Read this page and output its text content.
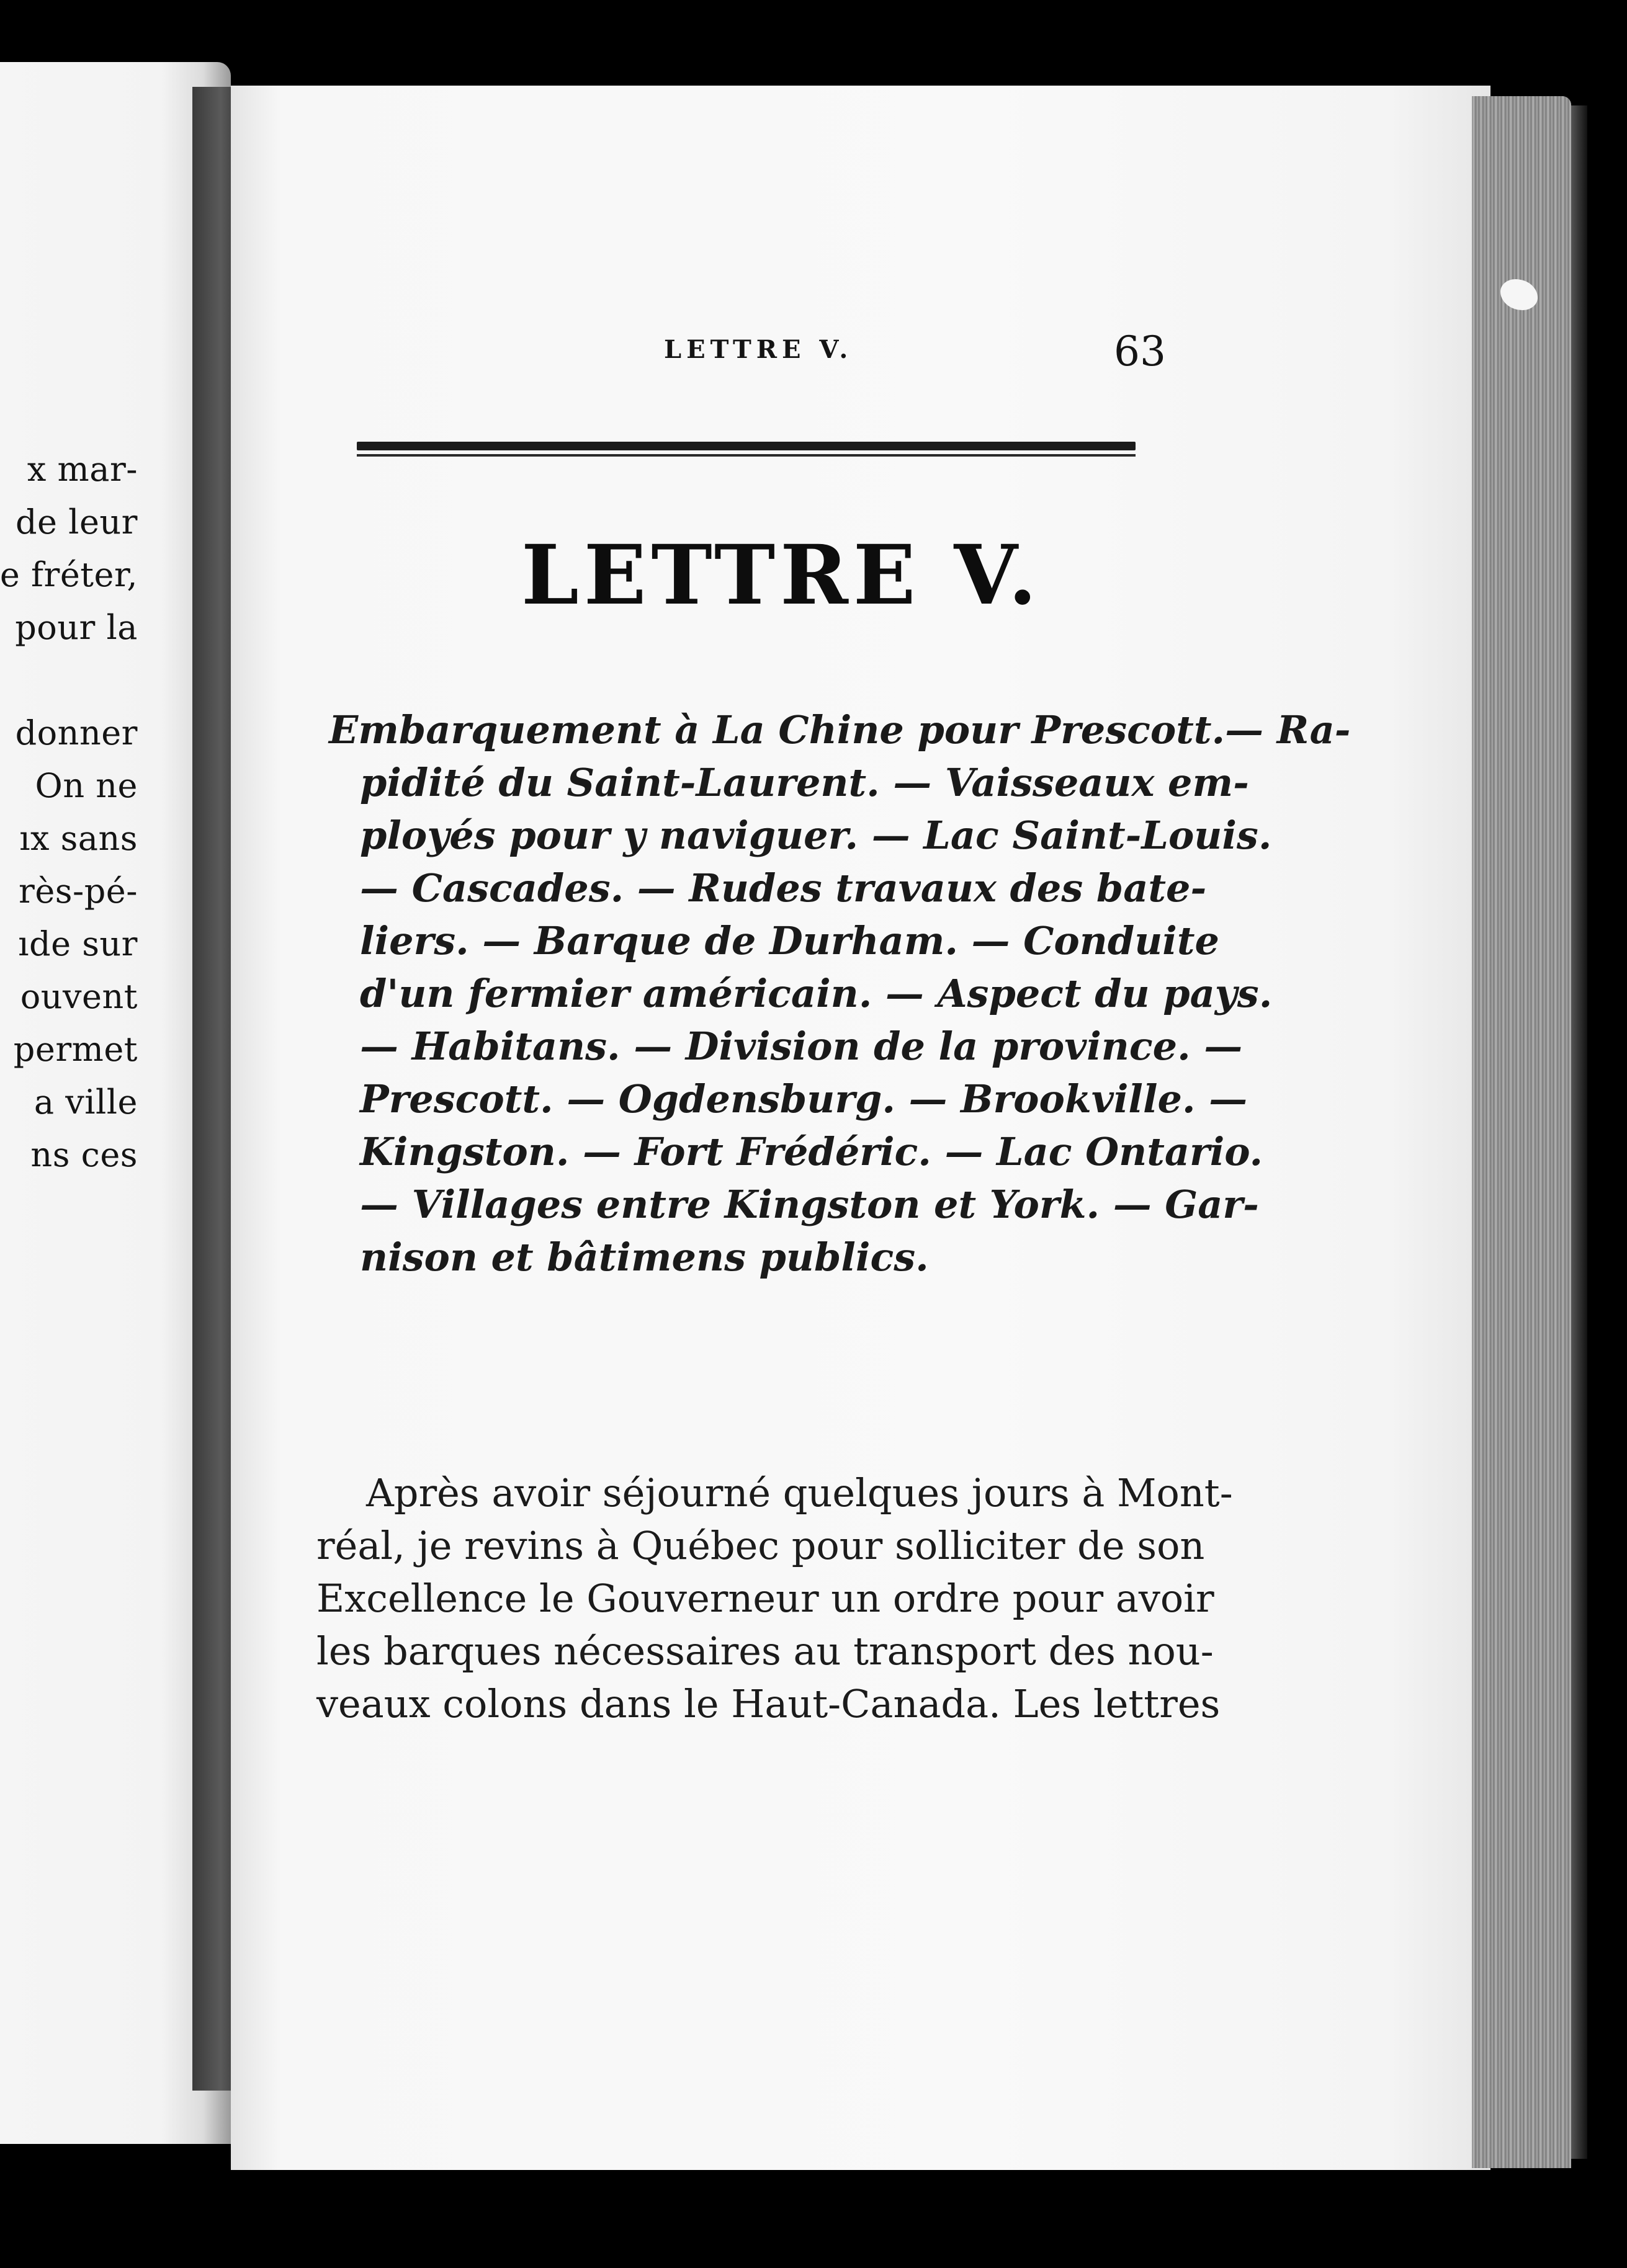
x mar-
de leur
e fréter,
pour la
donner
On ne
ıx sans
rès-pé-
ıde sur
ouvent
permet
a ville
ns ces
LETTRE V.	63
LETTRE V.
Embarquement à La Chine pour Prescott.— Ra-
pidité du Saint-Laurent. — Vaisseaux em-
ployés pour y naviguer. — Lac Saint-Louis.
— Cascades. — Rudes travaux des bate-
liers. — Barque de Durham. — Conduite
d'un fermier américain. — Aspect du pays.
— Habitans. — Division de la province. —
Prescott. — Ogdensburg. — Brookville. —
Kingston. — Fort Frédéric. — Lac Ontario.
— Villages entre Kingston et York. — Gar-
nison et bâtimens publics.
Après avoir séjourné quelques jours à Mont-
réal, je revins à Québec pour solliciter de son
Excellence le Gouverneur un ordre pour avoir
les barques nécessaires au transport des nou-
veaux colons dans le Haut-Canada. Les lettres
